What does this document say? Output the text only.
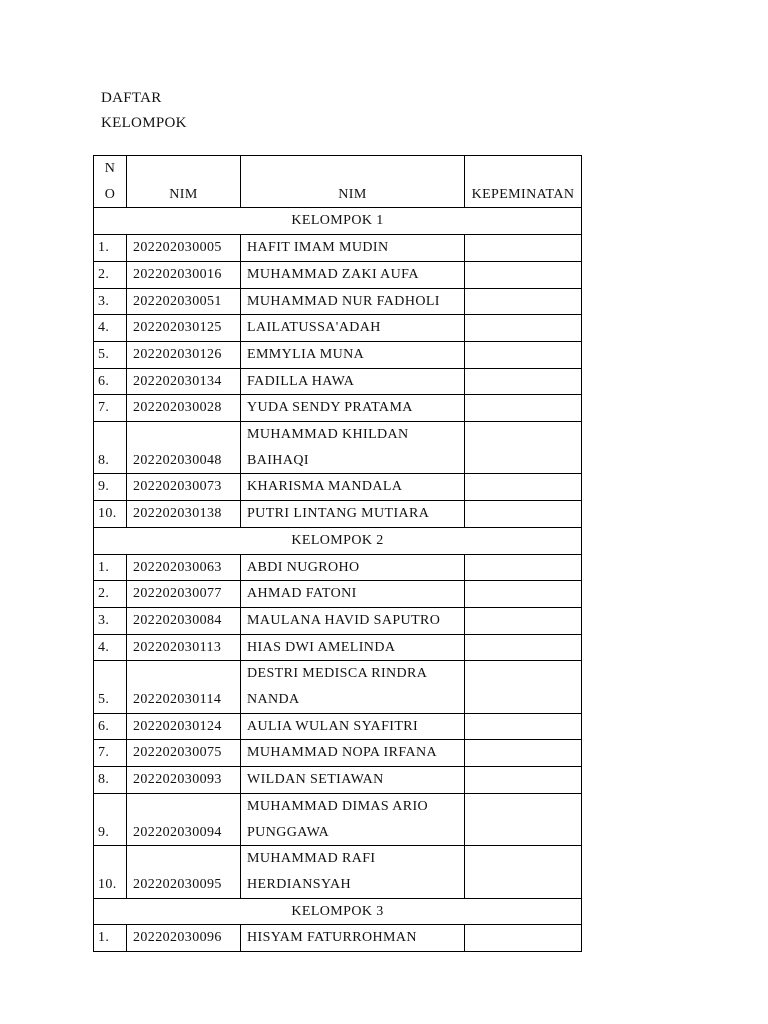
DAFTAR
KELOMPOK
NO	NIM	NIM	KEPEMINATAN
KELOMPOK 1			
1.	202202030005	HAFIT IMAM MUDIN	
2.	202202030016	MUHAMMAD ZAKI AUFA	
3.	202202030051	MUHAMMAD NUR FADHOLI	
4.	202202030125	LAILATUSSA'ADAH	
5.	202202030126	EMMYLIA MUNA	
6.	202202030134	FADILLA HAWA	
7.	202202030028	YUDA SENDY PRATAMA	
8.	202202030048	MUHAMMAD KHILDAN BAIHAQI	
9.	202202030073	KHARISMA MANDALA	
10.	202202030138	PUTRI LINTANG MUTIARA	
KELOMPOK 2			
1.	202202030063	ABDI NUGROHO	
2.	202202030077	AHMAD FATONI	
3.	202202030084	MAULANA HAVID SAPUTRO	
4.	202202030113	HIAS DWI AMELINDA	
5.	202202030114	DESTRI MEDISCA RINDRA NANDA	
6.	202202030124	AULIA WULAN SYAFITRI	
7.	202202030075	MUHAMMAD NOPA IRFANA	
8.	202202030093	WILDAN SETIAWAN	
9.	202202030094	MUHAMMAD DIMAS ARIO PUNGGAWA	
10.	202202030095	MUHAMMAD RAFI HERDIANSYAH	
KELOMPOK 3			
1.	202202030096	HISYAM FATURROHMAN	
